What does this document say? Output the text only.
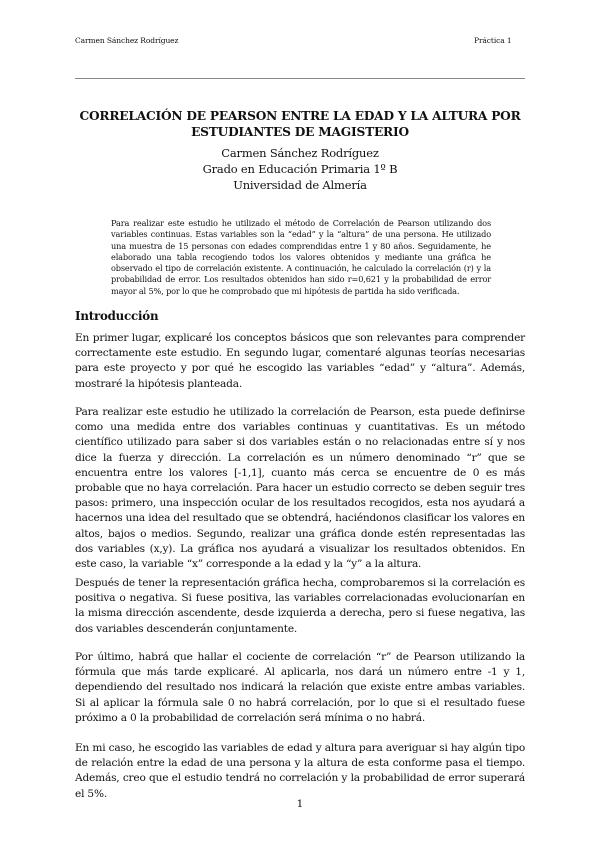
Carmen Sánchez Rodríguez	Práctica 1
CORRELACIÓN DE PEARSON ENTRE LA EDAD Y LA ALTURA POR ESTUDIANTES DE MAGISTERIO
Carmen Sánchez Rodríguez
Grado en Educación Primaria 1º B
Universidad de Almería
Para realizar este estudio he utilizado el método de Correlación de Pearson utilizando dos variables continuas. Estas variables son la “edad” y la “altura” de una persona. He utilizado una muestra de 15 personas con edades comprendidas entre 1 y 80 años. Seguidamente, he elaborado una tabla recogiendo todos los valores obtenidos y mediante una gráfica he observado el tipo de correlación existente. A continuación, he calculado la correlación (r) y la probabilidad de error. Los resultados obtenidos han sido r=0,621 y la probabilidad de error mayor al 5%, por lo que he comprobado que mi hipótesis de partida ha sido verificada.
Introducción

En primer lugar, explicaré los conceptos básicos que son relevantes para comprender correctamente este estudio. En segundo lugar, comentaré algunas teorías necesarias para este proyecto y por qué he escogido las variables “edad” y “altura”. Además, mostraré la hipótesis planteada.

Para realizar este estudio he utilizado la correlación de Pearson, esta puede definirse como una medida entre dos variables continuas y cuantitativas. Es un método científico utilizado para saber si dos variables están o no relacionadas entre sí y nos dice la fuerza y dirección. La correlación es un número denominado “r” que se encuentra entre los valores [-1,1], cuanto más cerca se encuentre de 0 es más probable que no haya correlación. Para hacer un estudio correcto se deben seguir tres pasos: primero, una inspección ocular de los resultados recogidos, esta nos ayudará a hacernos una idea del resultado que se obtendrá, haciéndonos clasificar los valores en altos, bajos o medios. Segundo, realizar una gráfica donde estén representadas las dos variables (x,y). La gráfica nos ayudará a visualizar los resultados obtenidos. En este caso, la variable “x” corresponde a la edad y la “y” a la altura.

Después de tener la representación gráfica hecha, comprobaremos si la correlación es positiva o negativa. Si fuese positiva, las variables correlacionadas evolucionarían en la misma dirección ascendente, desde izquierda a derecha, pero si fuese negativa, las dos variables descenderán conjuntamente.

Por último, habrá que hallar el cociente de correlación “r” de Pearson utilizando la fórmula que más tarde explicaré. Al aplicarla, nos dará un número entre -1 y 1, dependiendo del resultado nos indicará la relación que existe entre ambas variables. Si al aplicar la fórmula sale 0 no habrá correlación, por lo que si el resultado fuese próximo a 0 la probabilidad de correlación será mínima o no habrá.

En mi caso, he escogido las variables de edad y altura para averiguar si hay algún tipo de relación entre la edad de una persona y la altura de esta conforme pasa el tiempo. Además, creo que el estudio tendrá no correlación y la probabilidad de error superará el 5%.

1
